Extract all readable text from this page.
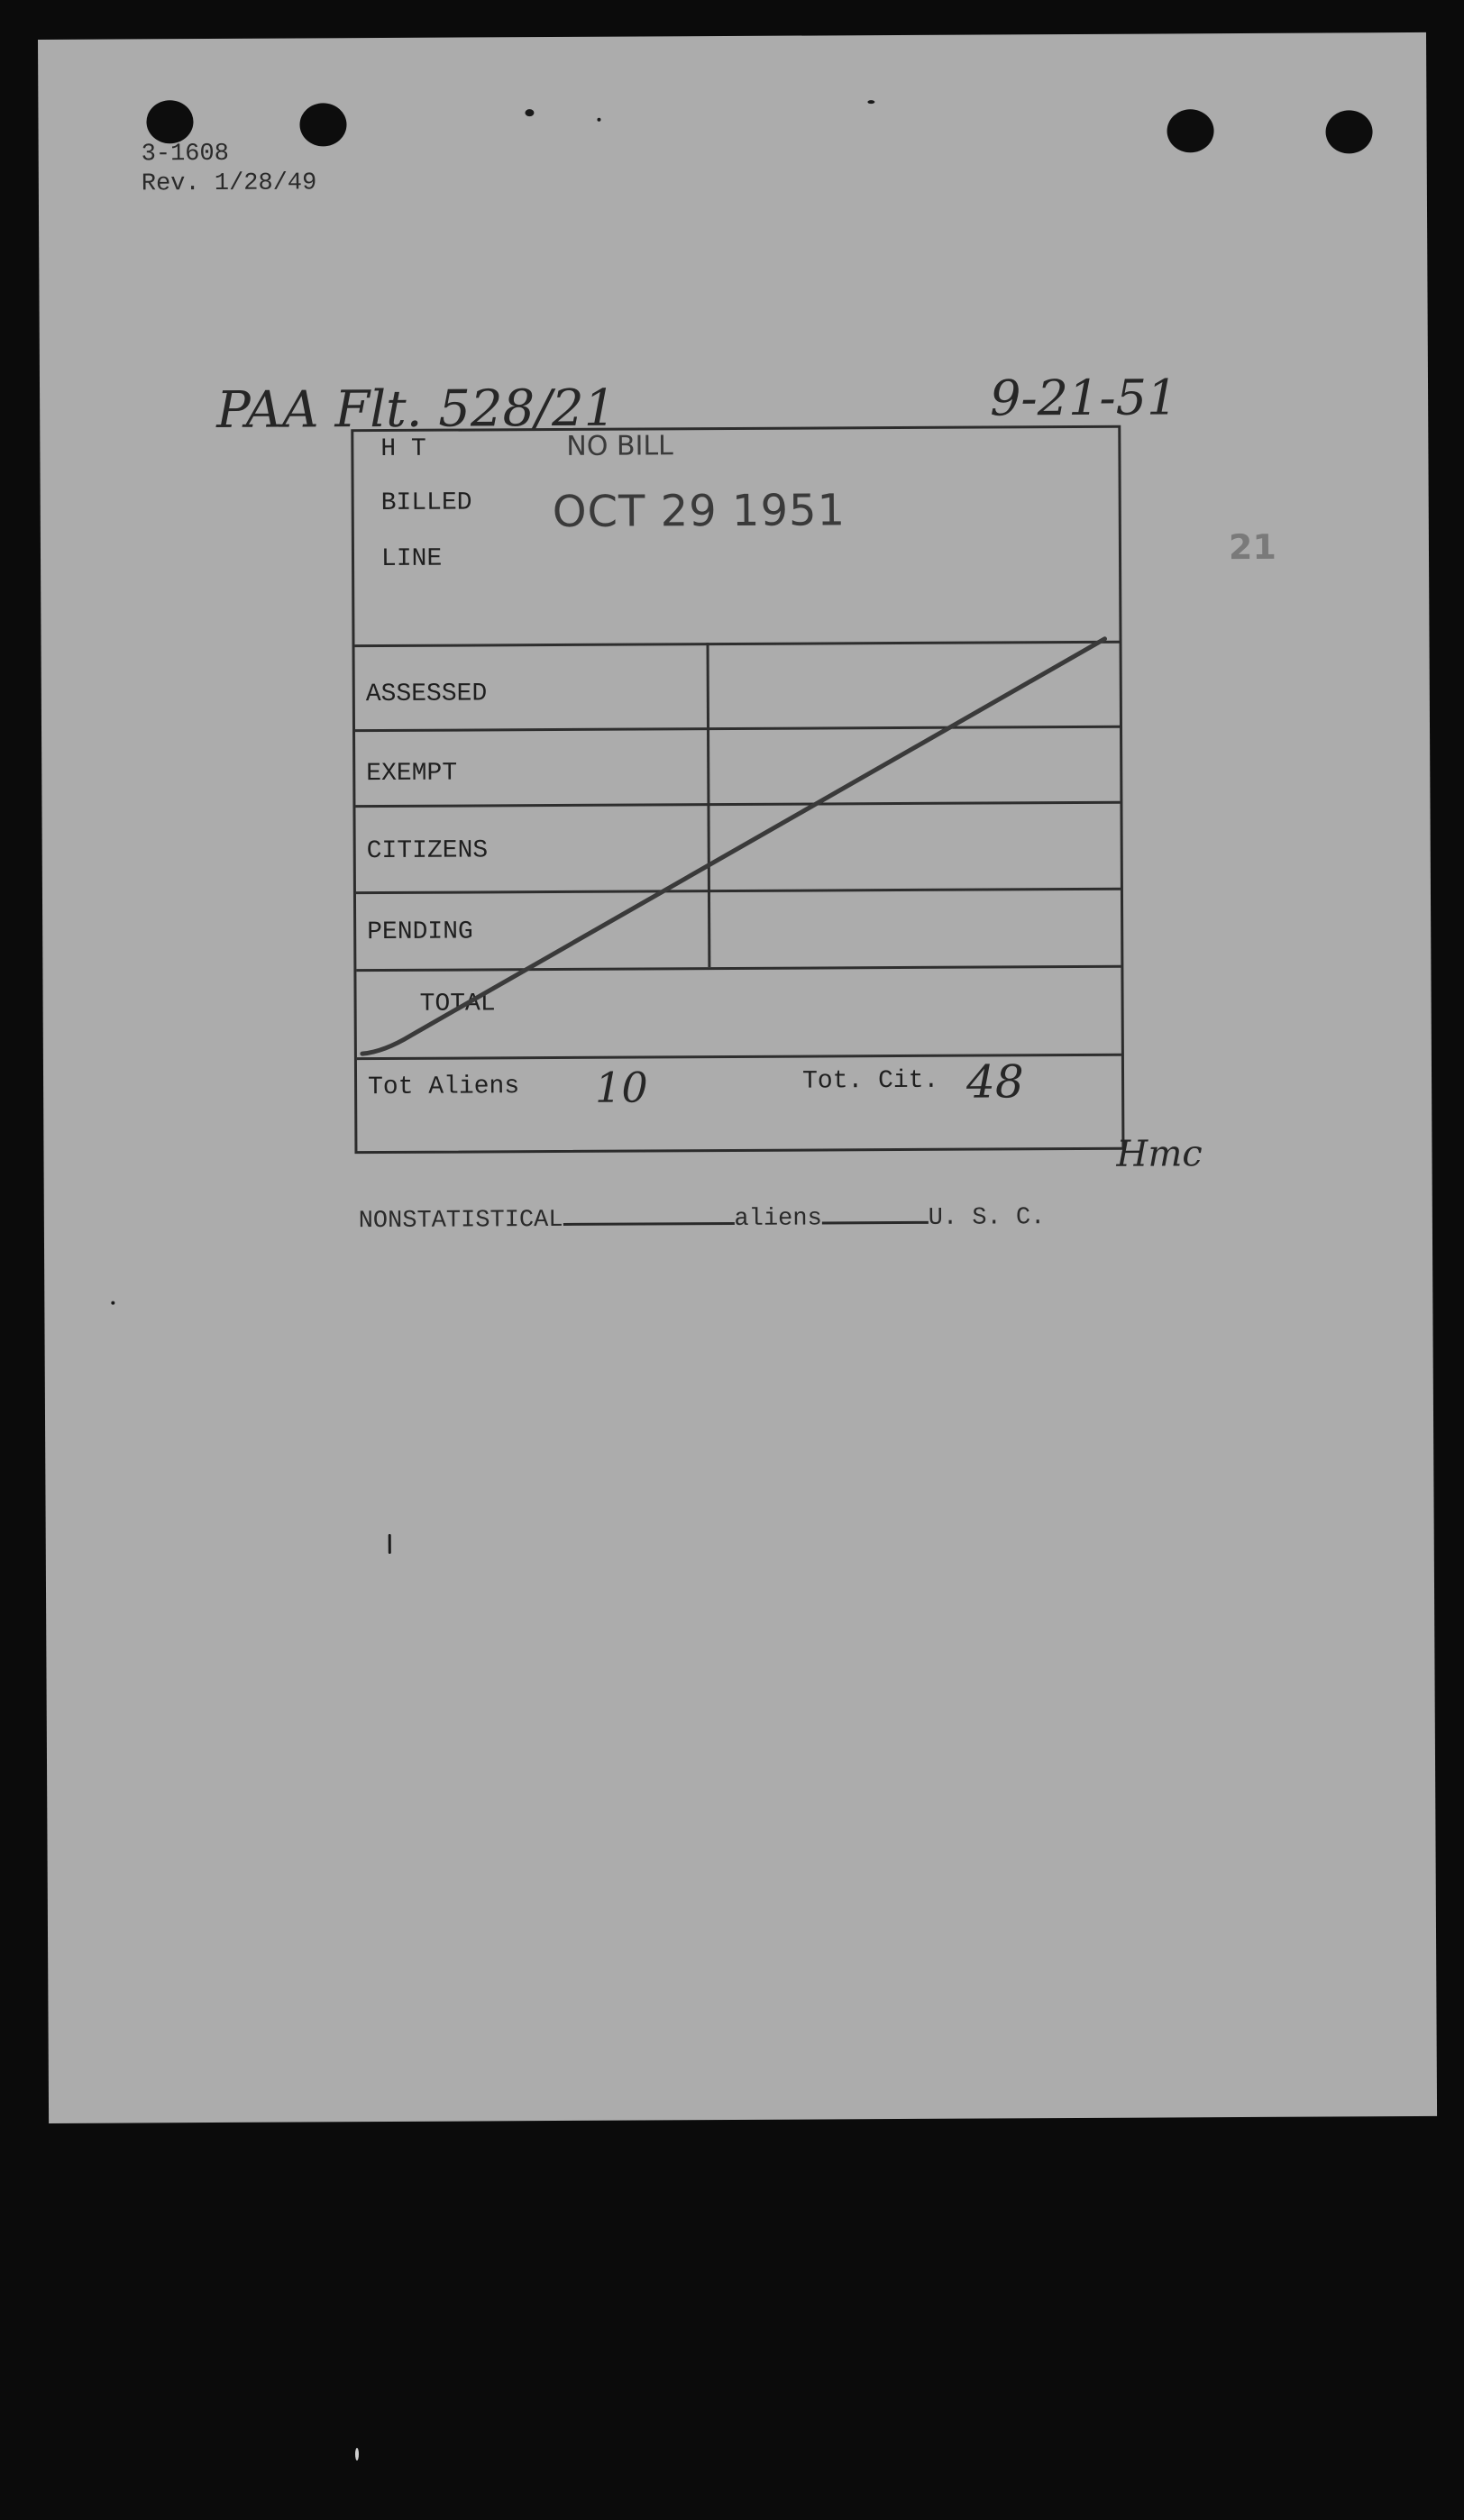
3-1608
Rev. 1/28/49
PAA Flt. 528/21	9-21-51
21
H T
BILLED
LINE
NO BILL
OCT 29 1951
ASSESSED
EXEMPT
CITIZENS
PENDING
TOTAL
Tot Aliens 10	Tot. Cit. 48
Hmc

NONSTATISTICAL	aliens	U. S. C.
